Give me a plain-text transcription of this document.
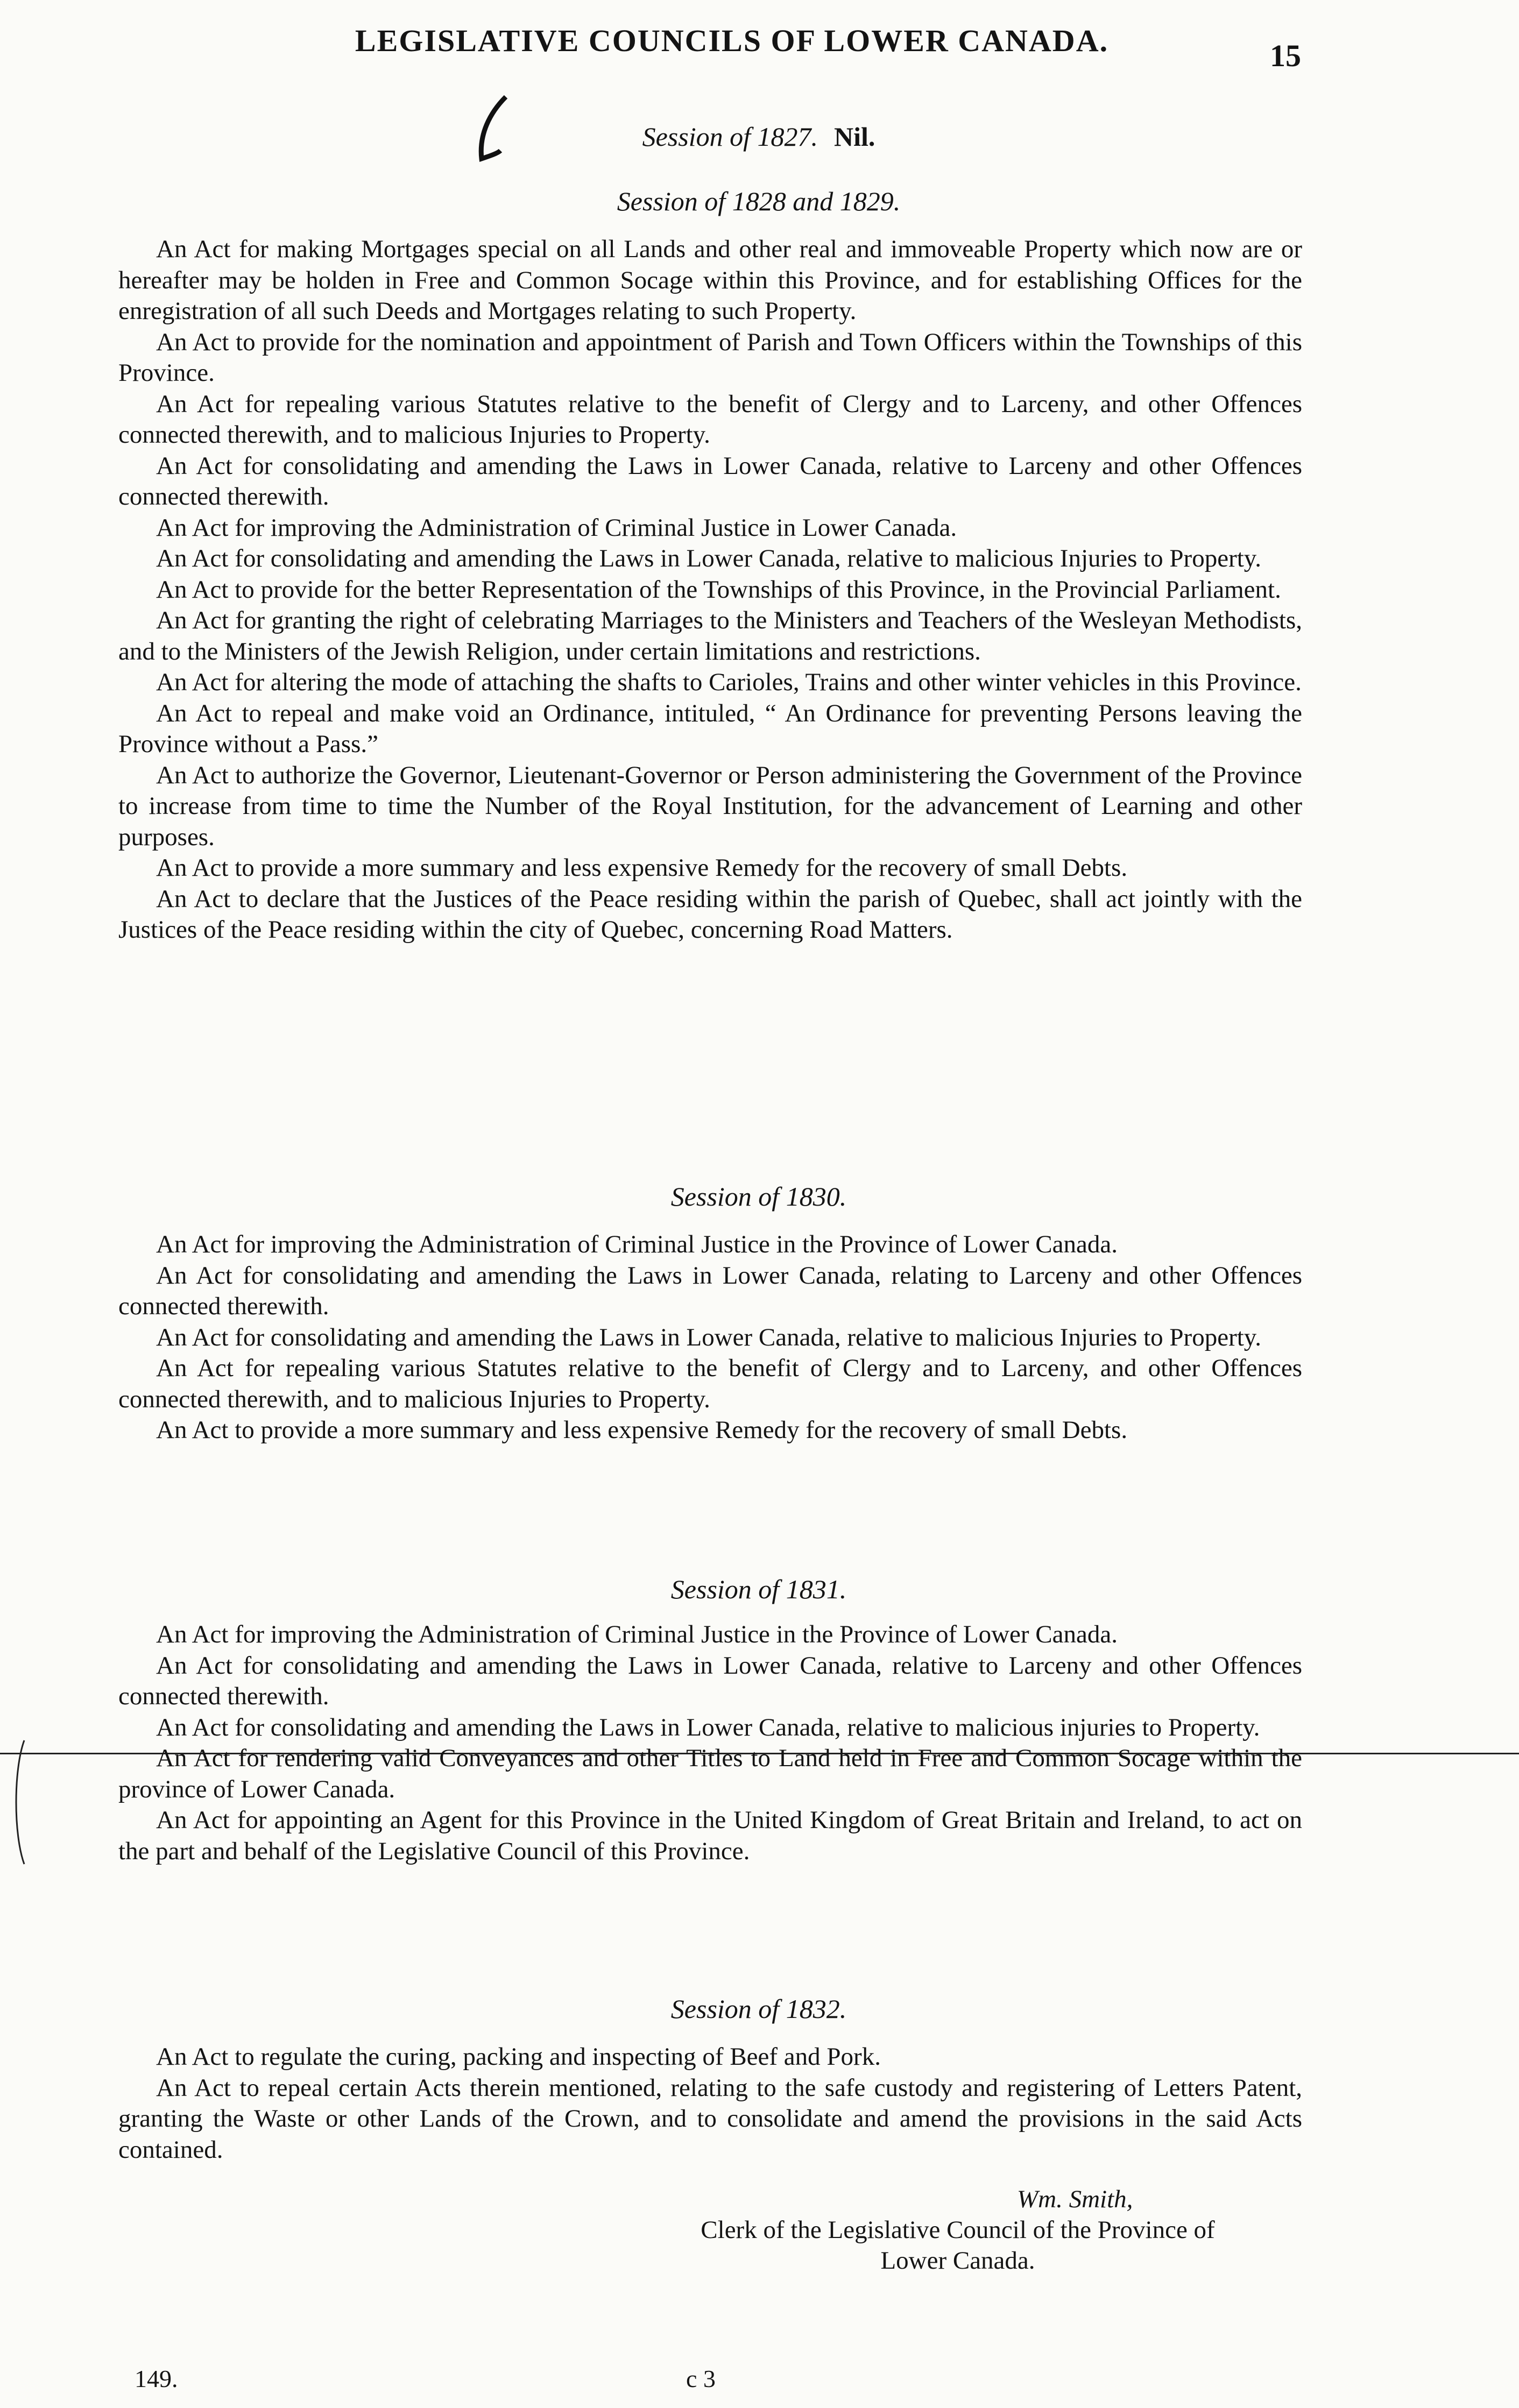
LEGISLATIVE COUNCILS OF LOWER CANADA.	15
Session of 1827. Nil.
Session of 1828 and 1829.
An Act for making Mortgages special on all Lands and other real and immoveable Property which now are or hereafter may be holden in Free and Common Socage within this Province, and for establishing Offices for the enregistration of all such Deeds and Mortgages relating to such Property.
An Act to provide for the nomination and appointment of Parish and Town Officers within the Townships of this Province.
An Act for repealing various Statutes relative to the benefit of Clergy and to Larceny, and other Offences connected therewith, and to malicious Injuries to Property.
An Act for consolidating and amending the Laws in Lower Canada, relative to Larceny and other Offences connected therewith.
An Act for improving the Administration of Criminal Justice in Lower Canada.
An Act for consolidating and amending the Laws in Lower Canada, relative to malicious Injuries to Property.
An Act to provide for the better Representation of the Townships of this Province, in the Provincial Parliament.
An Act for granting the right of celebrating Marriages to the Ministers and Teachers of the Wesleyan Methodists, and to the Ministers of the Jewish Religion, under certain limitations and restrictions.
An Act for altering the mode of attaching the shafts to Carioles, Trains and other winter vehicles in this Province.
An Act to repeal and make void an Ordinance, intituled, “ An Ordinance for preventing Persons leaving the Province without a Pass.”
An Act to authorize the Governor, Lieutenant-Governor or Person administering the Government of the Province to increase from time to time the Number of the Royal Institution, for the advancement of Learning and other purposes.
An Act to provide a more summary and less expensive Remedy for the recovery of small Debts.
An Act to declare that the Justices of the Peace residing within the parish of Quebec, shall act jointly with the Justices of the Peace residing within the city of Quebec, concerning Road Matters.
Session of 1830.
An Act for improving the Administration of Criminal Justice in the Province of Lower Canada.
An Act for consolidating and amending the Laws in Lower Canada, relating to Larceny and other Offences connected therewith.
An Act for consolidating and amending the Laws in Lower Canada, relative to malicious Injuries to Property.
An Act for repealing various Statutes relative to the benefit of Clergy and to Larceny, and other Offences connected therewith, and to malicious Injuries to Property.
An Act to provide a more summary and less expensive Remedy for the recovery of small Debts.
Session of 1831.
An Act for improving the Administration of Criminal Justice in the Province of Lower Canada.
An Act for consolidating and amending the Laws in Lower Canada, relative to Larceny and other Offences connected therewith.
An Act for consolidating and amending the Laws in Lower Canada, relative to malicious injuries to Property.
An Act for rendering valid Conveyances and other Titles to Land held in Free and Common Socage within the province of Lower Canada.
An Act for appointing an Agent for this Province in the United Kingdom of Great Britain and Ireland, to act on the part and behalf of the Legislative Council of this Province.
Session of 1832.
An Act to regulate the curing, packing and inspecting of Beef and Pork.
An Act to repeal certain Acts therein mentioned, relating to the safe custody and registering of Letters Patent, granting the Waste or other Lands of the Crown, and to consolidate and amend the provisions in the said Acts contained.
Wm. Smith,
Clerk of the Legislative Council of the Province of
Lower Canada.
149.	c 3
